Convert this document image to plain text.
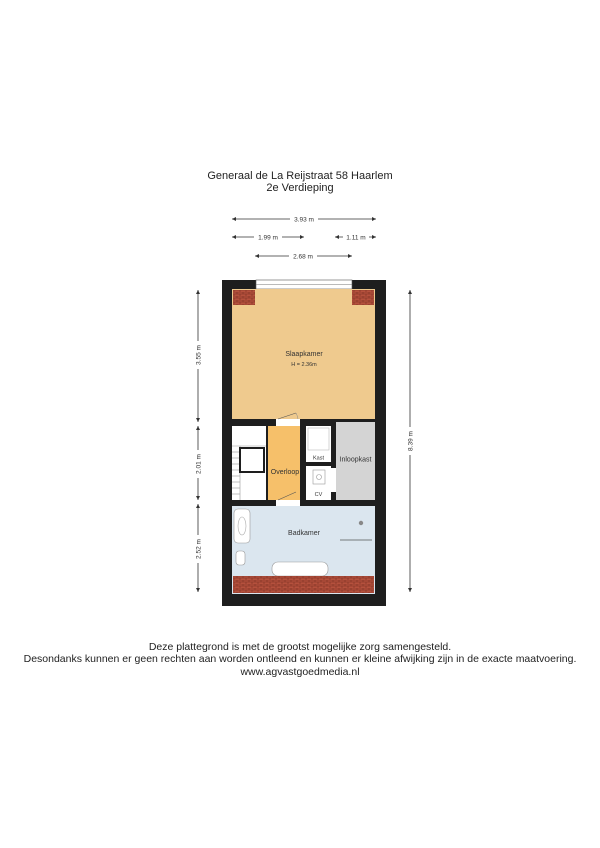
Generaal de La Reijstraat 58 Haarlem
2e Verdieping
3.93 m
1.99 m	1.11 m
2.68 m
3.55 m
2.01 m
2.52 m
8.39 m
Slaapkamer
H = 2.36m
Overloop
Kast
CV
Inloopkast
Badkamer
Deze plattegrond is met de grootst mogelijke zorg samengesteld.
Desondanks kunnen er geen rechten aan worden ontleend en kunnen er kleine afwijking zijn in de exacte maatvoering.
www.agvastgoedmedia.nl
